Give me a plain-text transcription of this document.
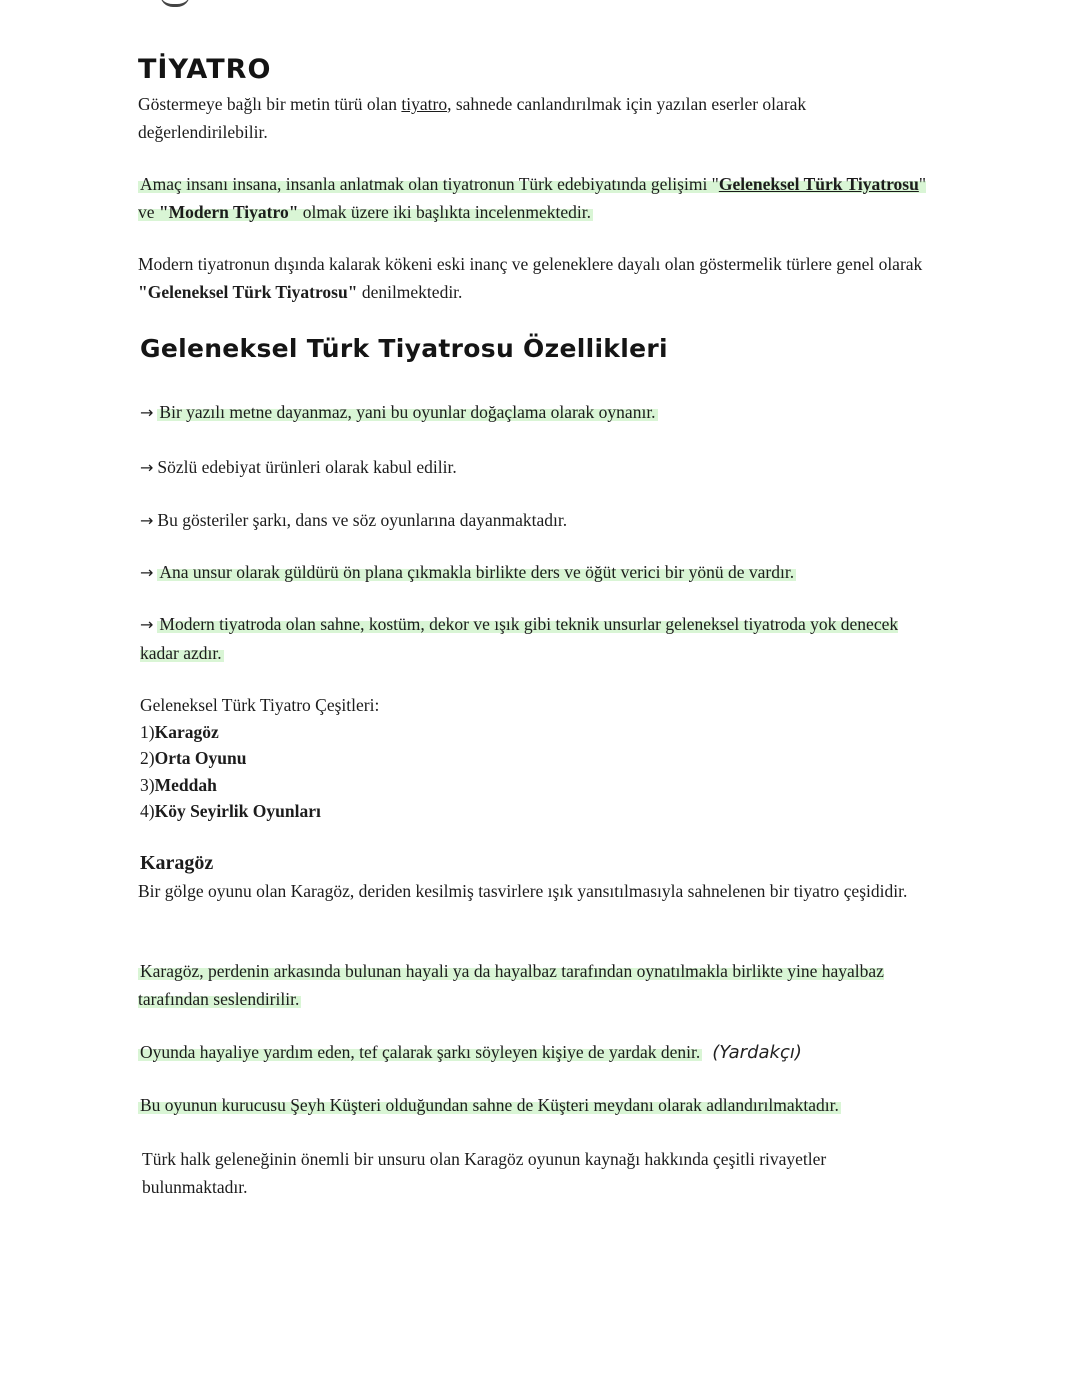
TİYATRO

Göstermeye bağlı bir metin türü olan tiyatro, sahnede canlandırılmak için yazılan eserler olarak değerlendirilebilir.

Amaç insanı insana, insanla anlatmak olan tiyatronun Türk edebiyatında gelişimi "Geleneksel Türk Tiyatrosu" ve "Modern Tiyatro" olmak üzere iki başlıkta incelenmektedir.

Modern tiyatronun dışında kalarak kökeni eski inanç ve geleneklere dayalı olan göstermelik türlere genel olarak "Geleneksel Türk Tiyatrosu" denilmektedir.

Geleneksel Türk Tiyatrosu Özellikleri

→ Bir yazılı metne dayanmaz, yani bu oyunlar doğaçlama olarak oynanır.

→ Sözlü edebiyat ürünleri olarak kabul edilir.

→ Bu gösteriler şarkı, dans ve söz oyunlarına dayanmaktadır.

→ Ana unsur olarak güldürü ön plana çıkmakla birlikte ders ve öğüt verici bir yönü de vardır.

→ Modern tiyatroda olan sahne, kostüm, dekor ve ışık gibi teknik unsurlar geleneksel tiyatroda yok denecek kadar azdır.

Geleneksel Türk Tiyatro Çeşitleri:
1)Karagöz
2)Orta Oyunu
3)Meddah
4)Köy Seyirlik Oyunları
Karagöz

Bir gölge oyunu olan Karagöz, deriden kesilmiş tasvirlere ışık yansıtılmasıyla sahnelenen bir tiyatro çeşididir.

Karagöz, perdenin arkasında bulunan hayali ya da hayalbaz tarafından oynatılmakla birlikte yine hayalbaz tarafından seslendirilir.

Oyunda hayaliye yardım eden, tef çalarak şarkı söyleyen kişiye de yardak denir. (Yardakçı)

Bu oyunun kurucusu Şeyh Küşteri olduğundan sahne de Küşteri meydanı olarak adlandırılmaktadır.

Türk halk geleneğinin önemli bir unsuru olan Karagöz oyunun kaynağı hakkında çeşitli rivayetler bulunmaktadır.
